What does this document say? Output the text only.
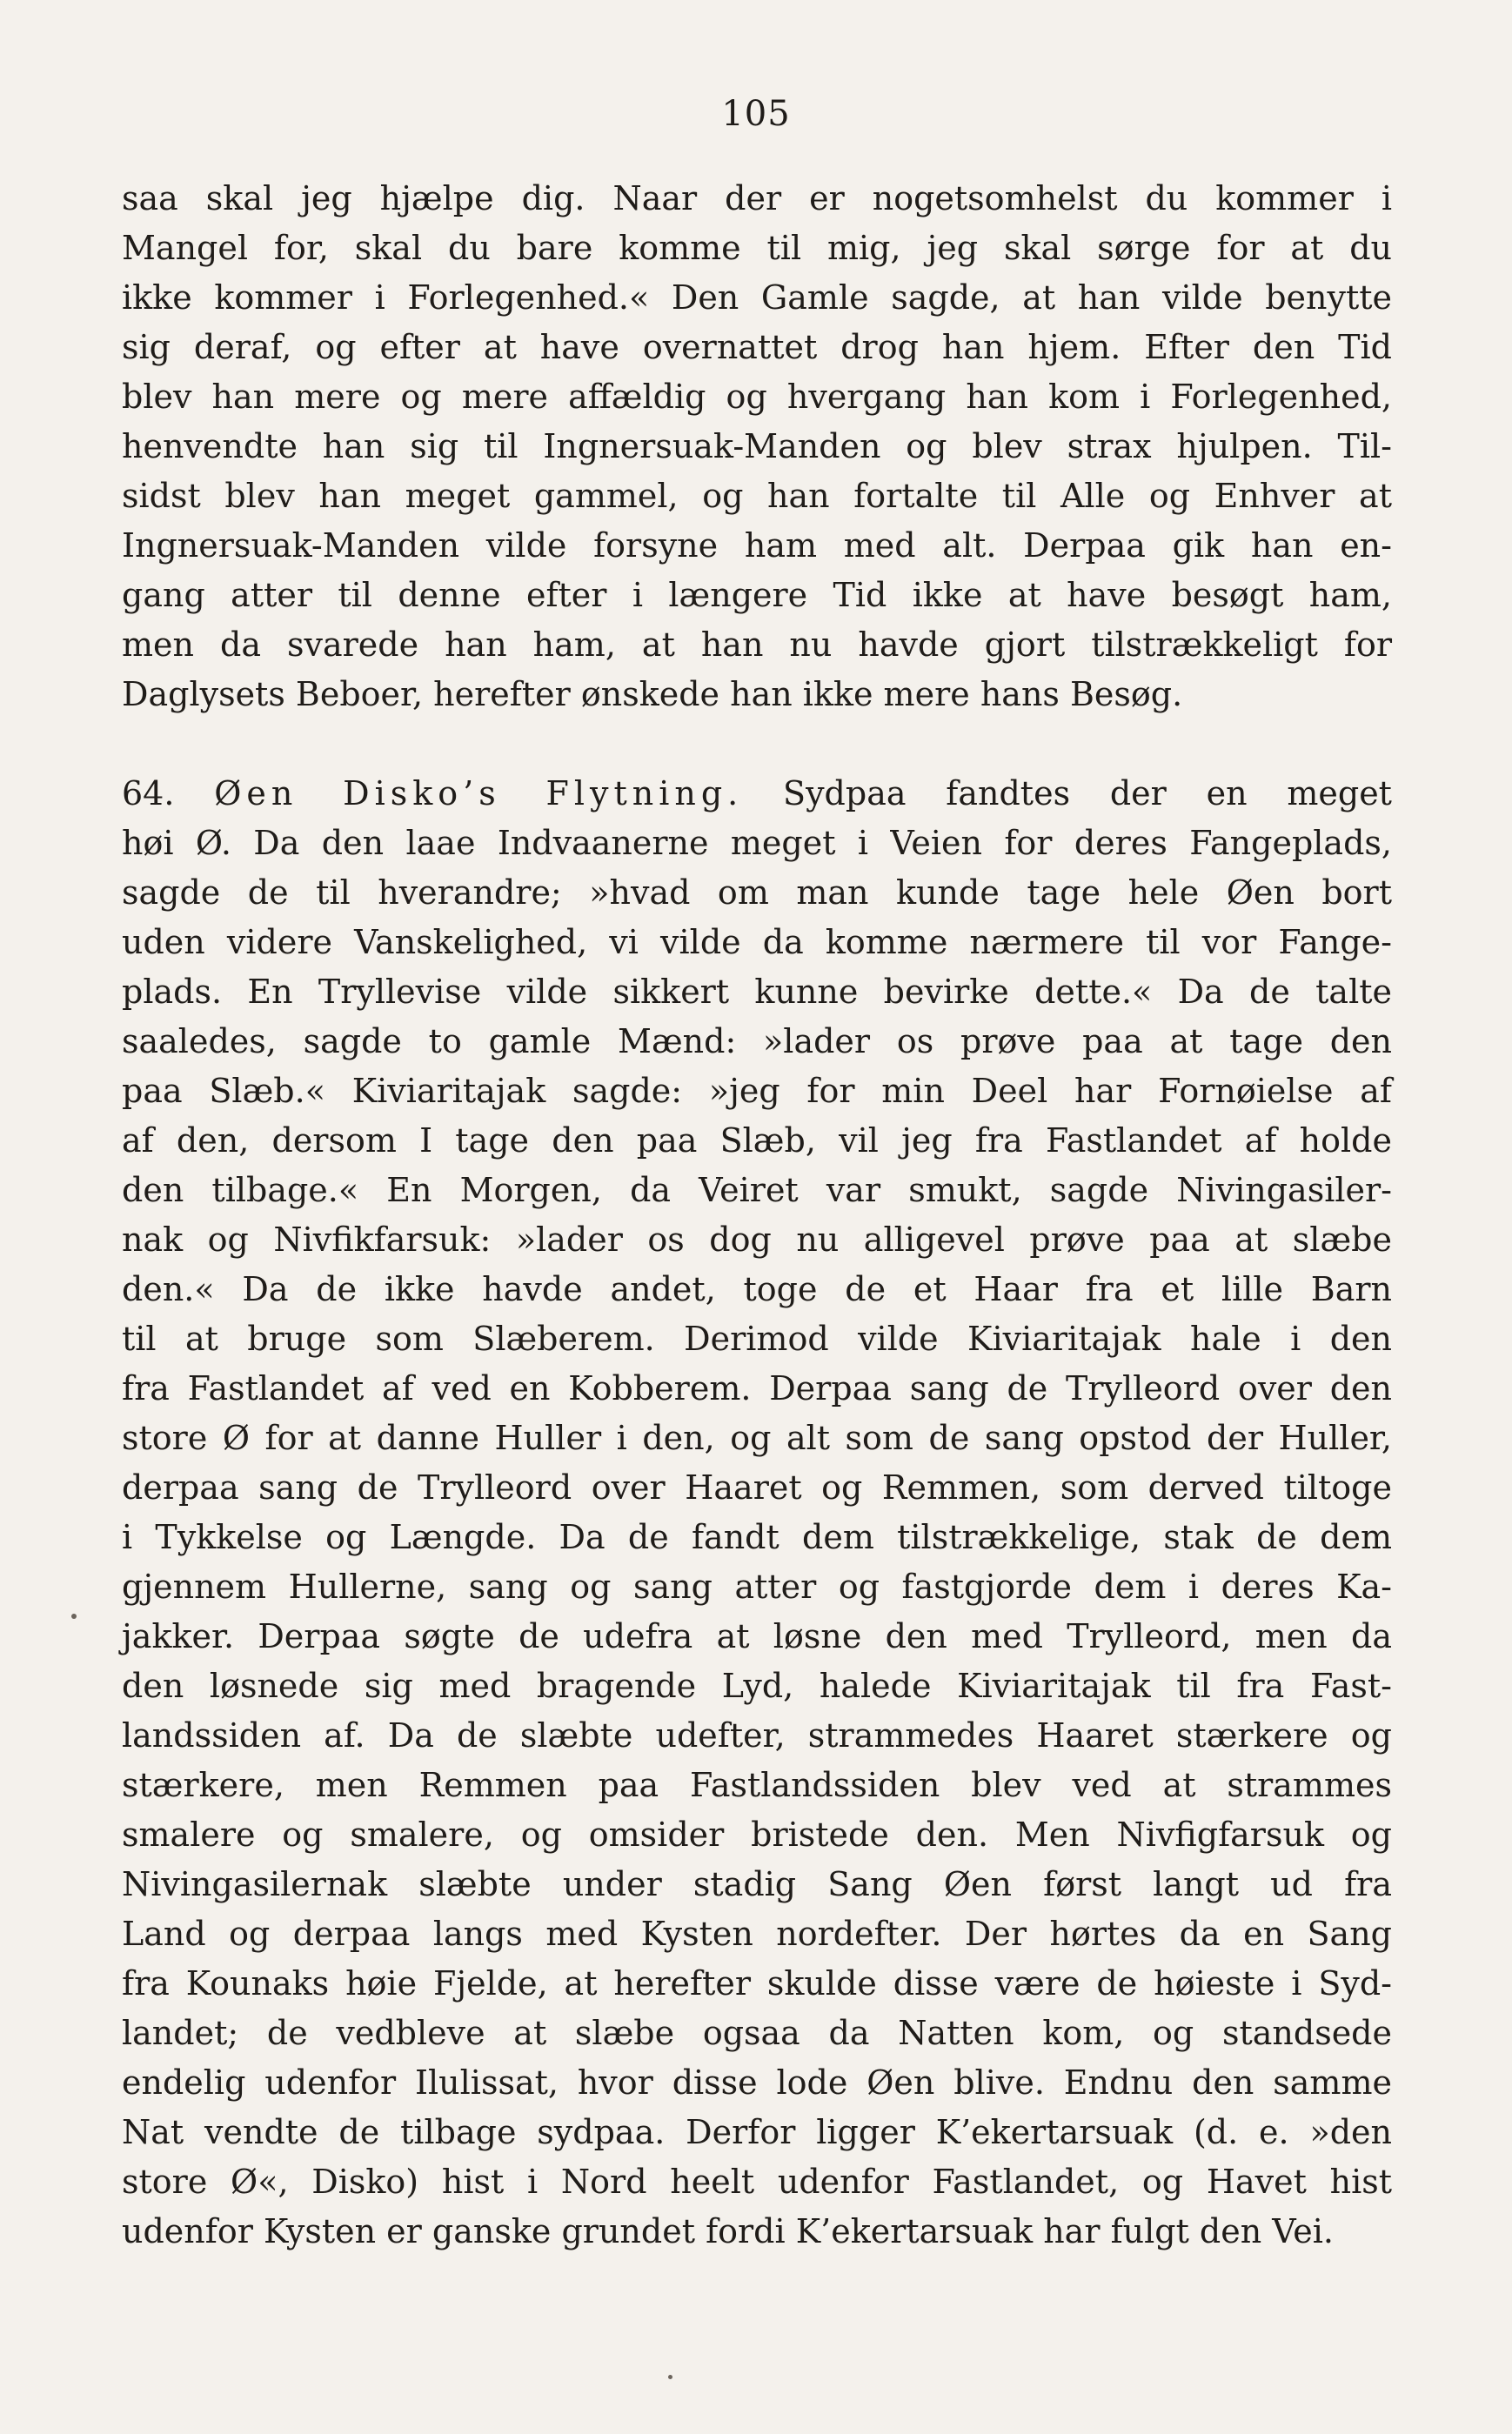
105
saa skal jeg hjælpe dig. Naar der er nogetsomhelst du kommer i
Mangel for, skal du bare komme til mig, jeg skal sørge for at du
ikke kommer i Forlegenhed.« Den Gamle sagde, at han vilde benytte
sig deraf, og efter at have overnattet drog han hjem. Efter den Tid
blev han mere og mere affældig og hvergang han kom i Forlegenhed,
henvendte han sig til Ingnersuak-Manden og blev strax hjulpen. Til-
sidst blev han meget gammel, og han fortalte til Alle og Enhver at
Ingnersuak-Manden vilde forsyne ham med alt. Derpaa gik han en-
gang atter til denne efter i længere Tid ikke at have besøgt ham,
men da svarede han ham, at han nu havde gjort tilstrækkeligt for
Daglysets Beboer, herefter ønskede han ikke mere hans Besøg.
64. Øen Disko’s Flytning. Sydpaa fandtes der en meget
høi Ø. Da den laae Indvaanerne meget i Veien for deres Fangeplads,
sagde de til hverandre; »hvad om man kunde tage hele Øen bort
uden videre Vanskelighed, vi vilde da komme nærmere til vor Fange-
plads. En Tryllevise vilde sikkert kunne bevirke dette.« Da de talte
saaledes, sagde to gamle Mænd: »lader os prøve paa at tage den
paa Slæb.« Kiviaritajak sagde: »jeg for min Deel har Fornøielse af
af den, dersom I tage den paa Slæb, vil jeg fra Fastlandet af holde
den tilbage.« En Morgen, da Veiret var smukt, sagde Nivingasiler-
nak og Nivfikfarsuk: »lader os dog nu alligevel prøve paa at slæbe
den.« Da de ikke havde andet, toge de et Haar fra et lille Barn
til at bruge som Slæberem. Derimod vilde Kiviaritajak hale i den
fra Fastlandet af ved en Kobberem. Derpaa sang de Trylleord over den
store Ø for at danne Huller i den, og alt som de sang opstod der Huller,
derpaa sang de Trylleord over Haaret og Remmen, som derved tiltoge
i Tykkelse og Længde. Da de fandt dem tilstrækkelige, stak de dem
gjennem Hullerne, sang og sang atter og fastgjorde dem i deres Ka-
jakker. Derpaa søgte de udefra at løsne den med Trylleord, men da
den løsnede sig med bragende Lyd, halede Kiviaritajak til fra Fast-
landssiden af. Da de slæbte udefter, strammedes Haaret stærkere og
stærkere, men Remmen paa Fastlandssiden blev ved at strammes
smalere og smalere, og omsider bristede den. Men Nivfigfarsuk og
Nivingasilernak slæbte under stadig Sang Øen først langt ud fra
Land og derpaa langs med Kysten nordefter. Der hørtes da en Sang
fra Kounaks høie Fjelde, at herefter skulde disse være de høieste i Syd-
landet; de vedbleve at slæbe ogsaa da Natten kom, og standsede
endelig udenfor Ilulissat, hvor disse lode Øen blive. Endnu den samme
Nat vendte de tilbage sydpaa. Derfor ligger K’ekertarsuak (d. e. »den
store Ø«, Disko) hist i Nord heelt udenfor Fastlandet, og Havet hist
udenfor Kysten er ganske grundet fordi K’ekertarsuak har fulgt den Vei.
